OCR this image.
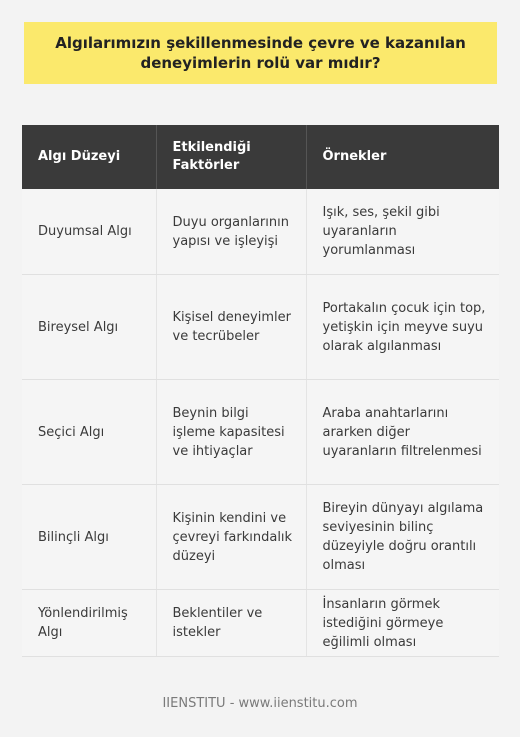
Algılarımızın şekillenmesinde çevre ve kazanılan deneyimlerin rolü var mıdır?
Algı Düzeyi	Etkilendiği Faktörler	Örnekler
Duyumsal Algı	Duyu organlarının yapısı ve işleyişi	Işık, ses, şekil gibi uyaranların yorumlanması
Bireysel Algı	Kişisel deneyimler ve tecrübeler	Portakalın çocuk için top, yetişkin için meyve suyu olarak algılanması
Seçici Algı	Beynin bilgi işleme kapasitesi ve ihtiyaçlar	Araba anahtarlarını ararken diğer uyaranların filtrelenmesi
Bilinçli Algı	Kişinin kendini ve çevreyi farkındalık düzeyi	Bireyin dünyayı algılama seviyesinin bilinç düzeyiyle doğru orantılı olması
Yönlendirilmiş Algı	Beklentiler ve istekler	İnsanların görmek istediğini görmeye eğilimli olması
IIENSTITU - www.iienstitu.com
